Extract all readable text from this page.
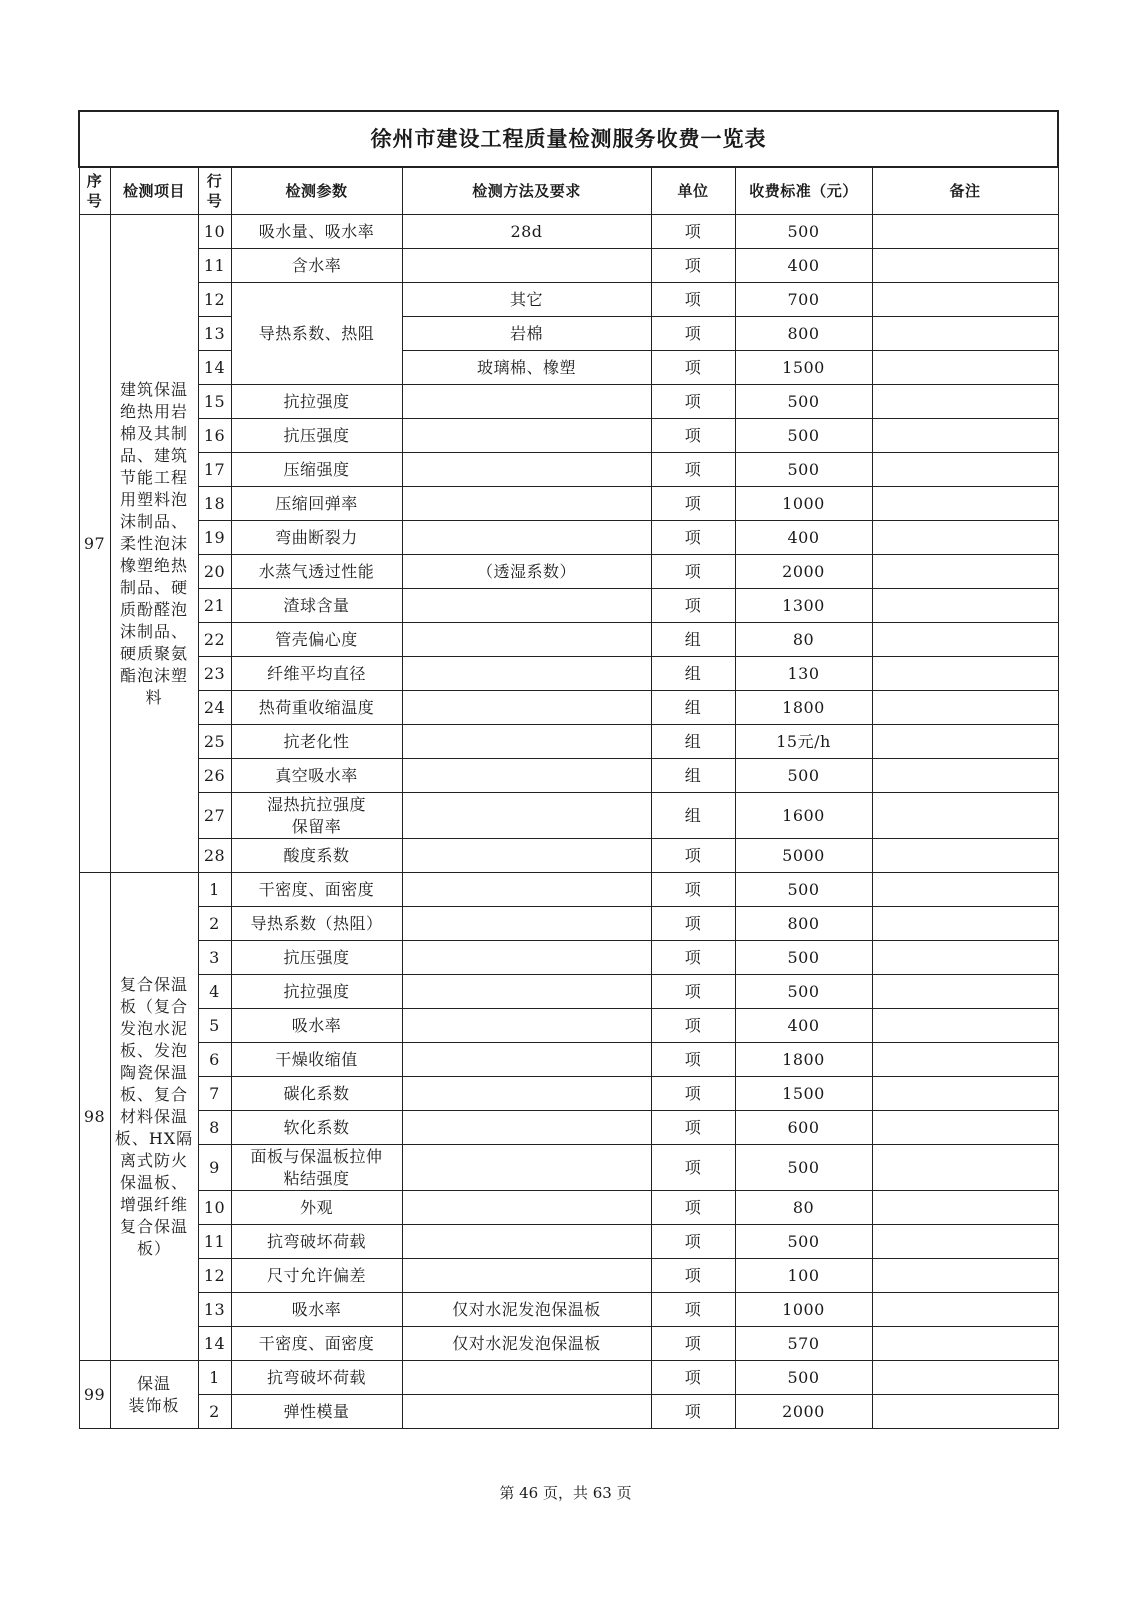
徐州市建设工程质量检测服务收费一览表							
序
号	检测项目	行
号	检测参数	检测方法及要求	单位	收费标准（元）	备注
97	建筑保温绝热用岩棉及其制品、建筑节能工程用塑料泡沫制品、柔性泡沫橡塑绝热制品、硬质酚醛泡沫制品、硬质聚氨酯泡沫塑料	10	吸水量、吸水率	28d	项	500	
		11	含水率		项	400	
		12	导热系数、热阻	其它	项	700	
		13		岩棉	项	800	
		14		玻璃棉、橡塑	项	1500	
		15	抗拉强度		项	500	
		16	抗压强度		项	500	
		17	压缩强度		项	500	
		18	压缩回弹率		项	1000	
		19	弯曲断裂力		项	400	
		20	水蒸气透过性能	（透湿系数）	项	2000	
		21	渣球含量		项	1300	
		22	管壳偏心度		组	80	
		23	纤维平均直径		组	130	
		24	热荷重收缩温度		组	1800	
		25	抗老化性		组	15元/h	
		26	真空吸水率		组	500	
		27	湿热抗拉强度
保留率		组	1600	
		28	酸度系数		项	5000	
98	复合保温板（复合发泡水泥板、发泡陶瓷保温板、复合材料保温板、HX隔离式防火保温板、增强纤维复合保温板）	1	干密度、面密度		项	500	
		2	导热系数（热阻）		项	800	
		3	抗压强度		项	500	
		4	抗拉强度		项	500	
		5	吸水率		项	400	
		6	干燥收缩值		项	1800	
		7	碳化系数		项	1500	
		8	软化系数		项	600	
		9	面板与保温板拉伸
粘结强度		项	500	
		10	外观		项	80	
		11	抗弯破坏荷载		项	500	
		12	尺寸允许偏差		项	100	
		13	吸水率	仅对水泥发泡保温板	项	1000	
		14	干密度、面密度	仅对水泥发泡保温板	项	570	
99	保温
装饰板	1	抗弯破坏荷载		项	500	
		2	弹性模量		项	2000	
第 46 页，共 63 页
